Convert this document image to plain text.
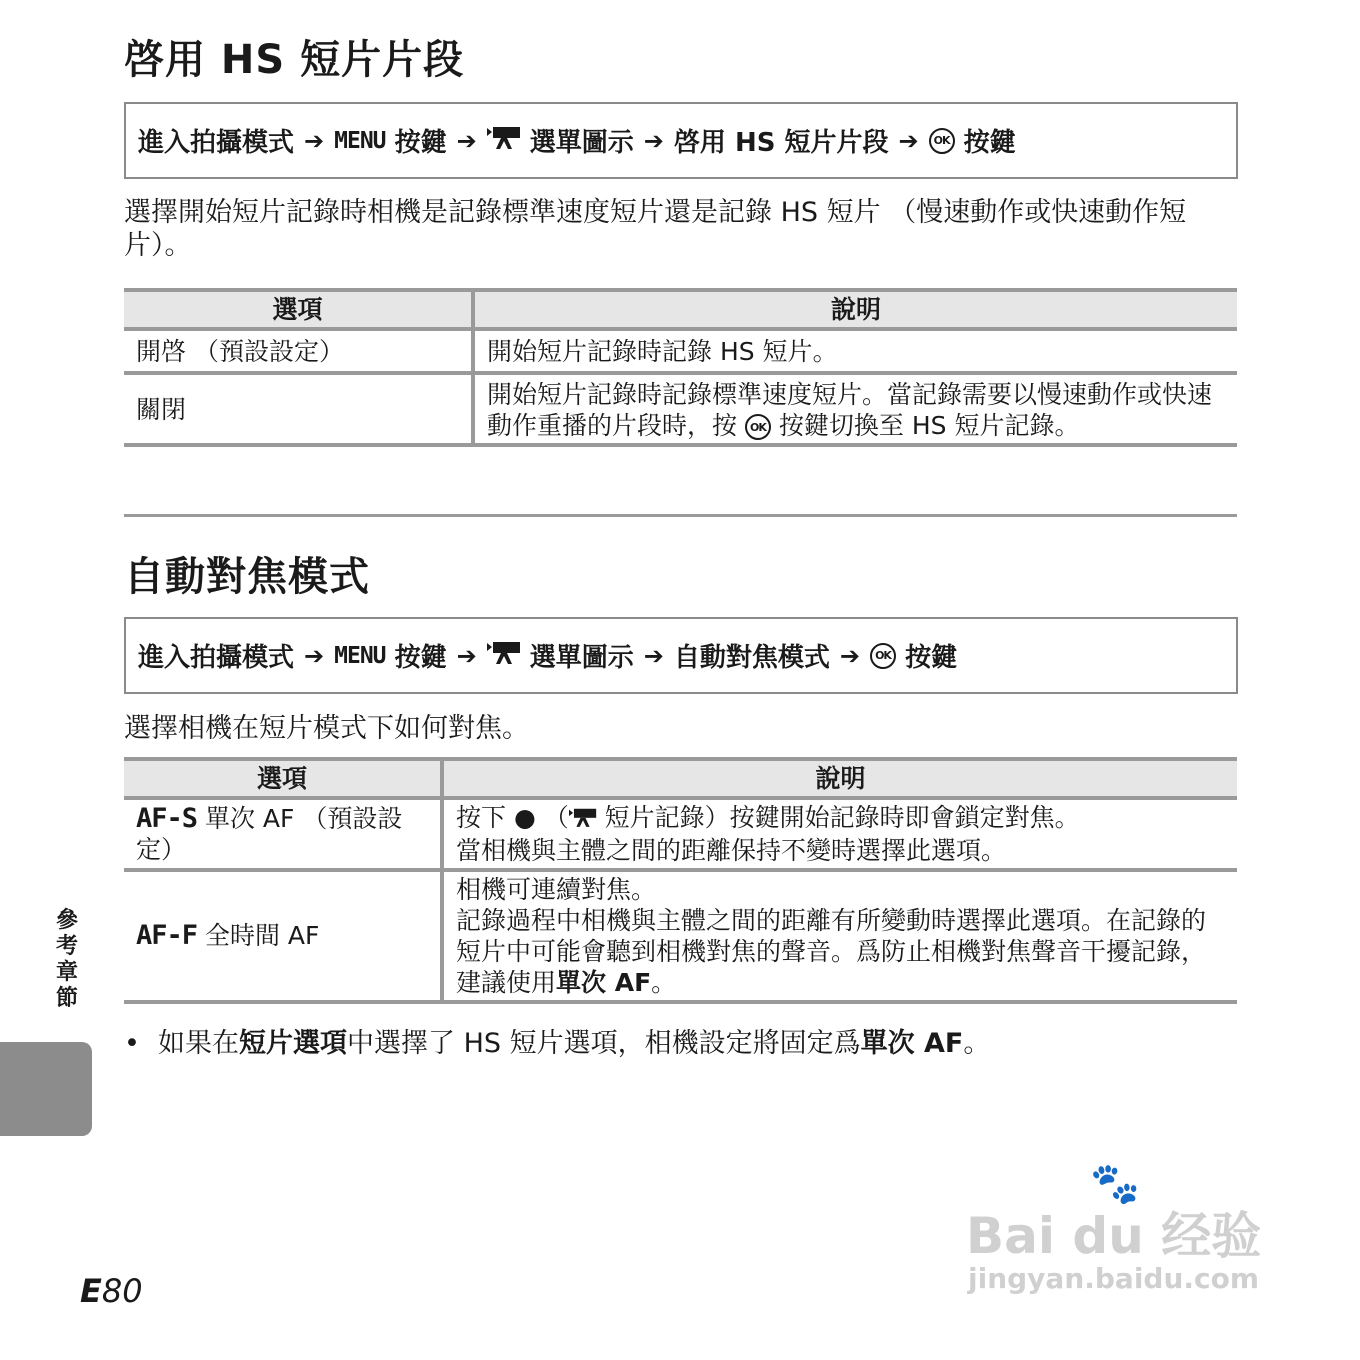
啓用 HS 短片片段
進入拍攝模式 ➔ MENU
按鍵 ➔
選單圖示 ➔ 啓用 HS 短片片段 ➔	OK
按鍵
選擇開始短片記錄時相機是記錄標準速度短片還是記錄 HS 短片 （慢速動作或快速動作短片）。
選項	說明
開啓 （預設設定）	開始短片記錄時記錄 HS 短片。
關閉	開始短片記錄時記錄標準速度短片。當記錄需要以慢速動作或快速動作重播的片段時，按 OK 按鍵切換至 HS 短片記錄。
自動對焦模式
進入拍攝模式 ➔ MENU
按鍵 ➔
選單圖示 ➔ 自動對焦模式 ➔	OK
按鍵
選擇相機在短片模式下如何對焦。
選項	說明
AF-S 單次 AF （預設設定）	按下 ● （ 短片記錄）按鍵開始記錄時即會鎖定對焦。
當相機與主體之間的距離保持不變時選擇此選項。
AF-F 全時間 AF	相機可連續對焦。
記錄過程中相機與主體之間的距離有所變動時選擇此選項。在記錄的短片中可能會聽到相機對焦的聲音。爲防止相機對焦聲音干擾記錄，建議使用單次 AF。
• 如果在短片選項中選擇了 HS 短片選項，相機設定將固定爲單次 AF。
參考章節
E80
🐾
Bai du 经验
jingyan.baidu.com
